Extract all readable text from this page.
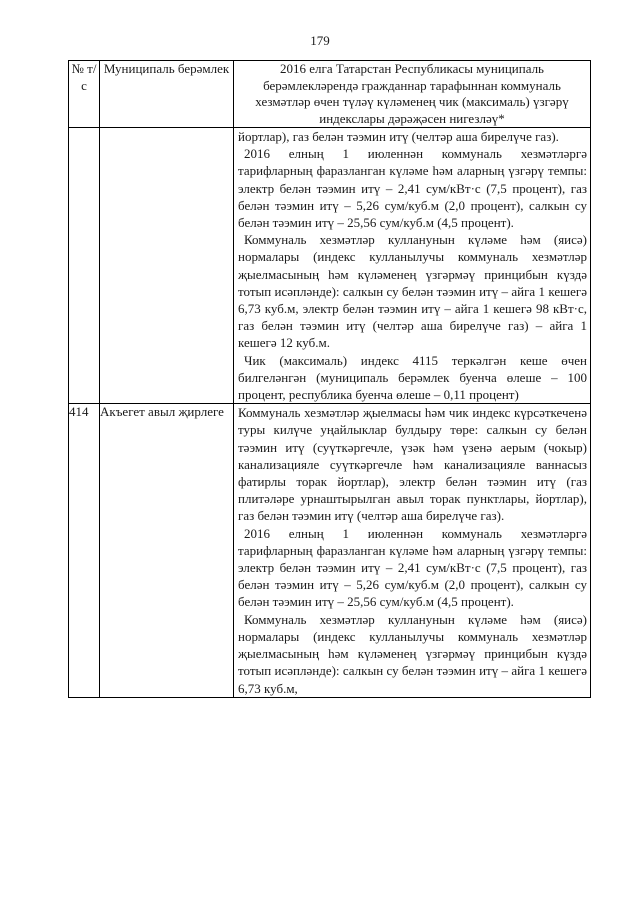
179
№ т/с	Муниципаль берәмлек	2016 елга Татарстан Республикасы муниципаль берәмлекләрендә гражданнар тарафыннан коммуналь хезмәтләр өчен түләү күләменең чик (максималь) үзгәрү индекслары дәрәҗәсен нигезләү*

		йортлар), газ белән тәэмин итү (челтәр аша бирелүче газ).
2016 елның 1 июленнән коммуналь хезмәтләргә тарифларның фаразланган күләме һәм аларның үзгәрү темпы: электр белән тәэмин итү – 2,41 сум/кВт·с (7,5 процент), газ белән тәэмин итү – 5,26 сум/куб.м (2,0 процент), салкын су белән тәэмин итү – 25,56 сум/куб.м (4,5 процент).
Коммуналь хезмәтләр кулланунын күләме һәм (яисә) нормалары (индекс кулланылучы коммуналь хезмәтләр җыелмасының һәм күләменең үзгәрмәү принцибын күздә тотып исәпләнде): салкын су белән тәэмин итү – айга 1 кешегә 6,73 куб.м, электр белән тәэмин итү – айга 1 кешегә 98 кВт·с, газ белән тәэмин итү (челтәр аша бирелүче газ) – айга 1 кешегә 12 куб.м.
Чик (максималь) индекс 4115 теркәлгән кеше өчен билгеләнгән (муниципаль берәмлек буенча өлеше – 100 процент, республика буенча өлеше – 0,11 процент)

414	Акъегет авыл җирлеге	Коммуналь хезмәтләр җыелмасы һәм чик индекс күрсәткеченә туры килүче уңайлыклар булдыру төре: салкын су белән тәэмин итү (суүткәргечле, үзәк һәм үзенә аерым (чокыр) канализацияле суүткәргечле һәм канализацияле ваннасыз фатирлы торак йортлар), электр белән тәэмин итү (газ плитәләре урнаштырылган авыл торак пунктлары, йортлар), газ белән тәэмин итү (челтәр аша бирелүче газ).
2016 елның 1 июленнән коммуналь хезмәтләргә тарифларның фаразланган күләме һәм аларның үзгәрү темпы: электр белән тәэмин итү – 2,41 сум/кВт·с (7,5 процент), газ белән тәэмин итү – 5,26 сум/куб.м (2,0 процент), салкын су белән тәэмин итү – 25,56 сум/куб.м (4,5 процент).
Коммуналь хезмәтләр кулланунын күләме һәм (яисә) нормалары (индекс кулланылучы коммуналь хезмәтләр җыелмасының һәм күләменең үзгәрмәү принцибын күздә тотып исәпләнде): салкын су белән тәэмин итү – айга 1 кешегә 6,73 куб.м,
